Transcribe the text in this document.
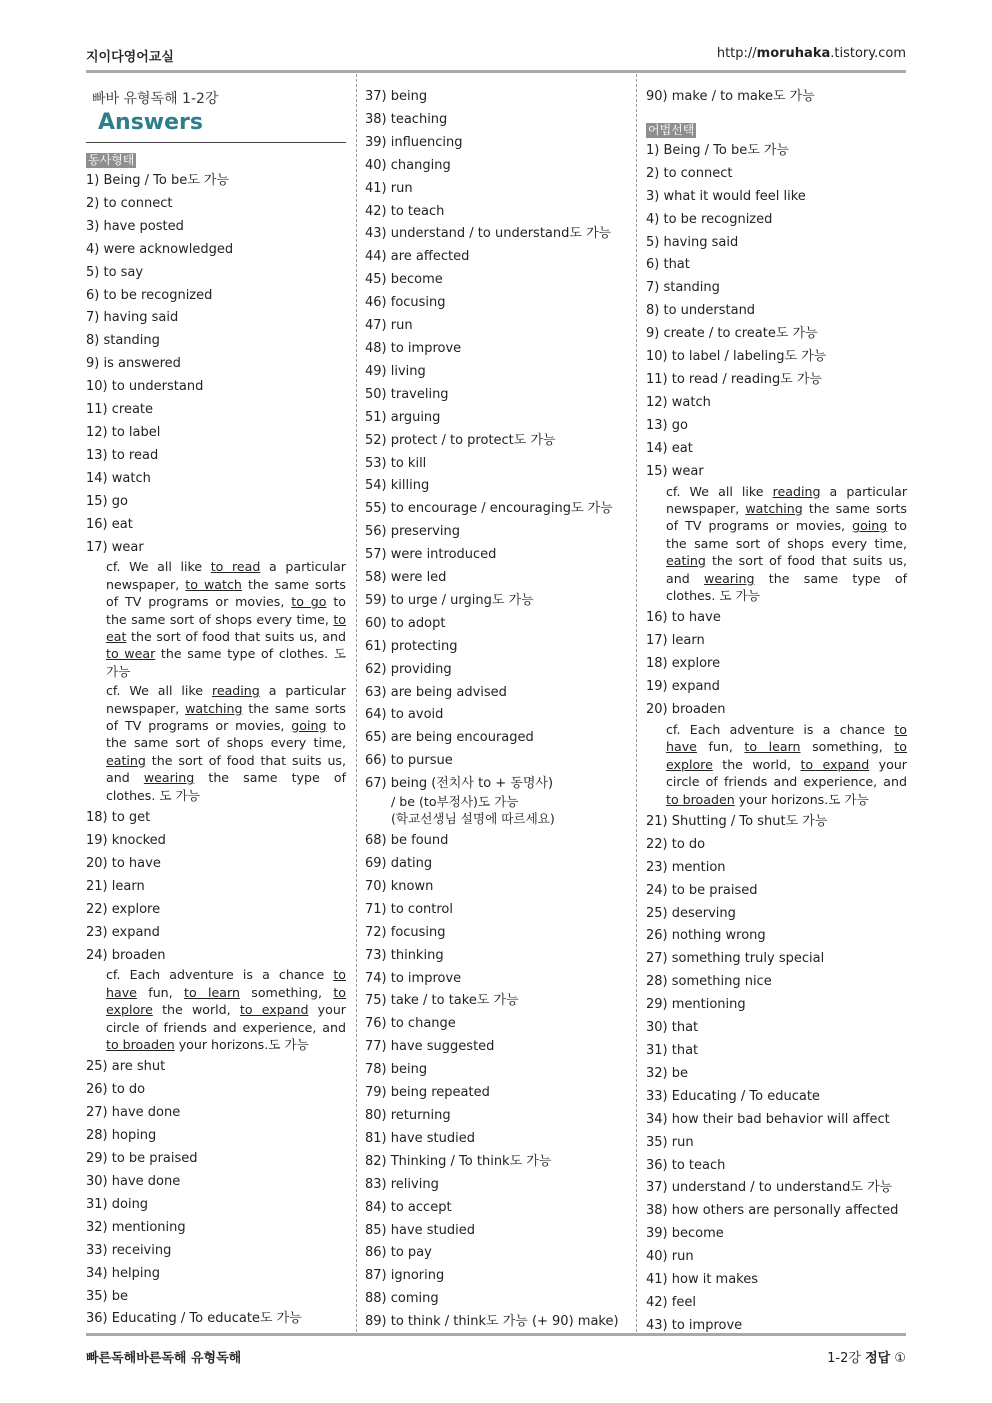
지이다영어교실	http://moruhaka.tistory.com
빠바 유형독해 1-2강
Answers
동사형태
1) Being / To be도 가능
2) to connect
3) have posted
4) were acknowledged
5) to say
6) to be recognized
7) having said
8) standing
9) is answered
10) to understand
11) create
12) to label
13) to read
14) watch
15) go
16) eat
17) wear
cf. We all like to read a particular newspaper, to watch the same sorts of TV programs or movies, to go to the same sort of shops every time, to eat the sort of food that suits us, and to wear the same type of clothes. 도 가능
cf. We all like reading a particular newspaper, watching the same sorts of TV programs or movies, going to the same sort of shops every time, eating the sort of food that suits us, and wearing the same type of clothes. 도 가능
18) to get
19) knocked
20) to have
21) learn
22) explore
23) expand
24) broaden
cf. Each adventure is a chance to have fun, to learn something, to explore the world, to expand your circle of friends and experience, and to broaden your horizons.도 가능
25) are shut
26) to do
27) have done
28) hoping
29) to be praised
30) have done
31) doing
32) mentioning
33) receiving
34) helping
35) be
36) Educating / To educate도 가능
37) being
38) teaching
39) influencing
40) changing
41) run
42) to teach
43) understand / to understand도 가능
44) are affected
45) become
46) focusing
47) run
48) to improve
49) living
50) traveling
51) arguing
52) protect / to protect도 가능
53) to kill
54) killing
55) to encourage / encouraging도 가능
56) preserving
57) were introduced
58) were led
59) to urge / urging도 가능
60) to adopt
61) protecting
62) providing
63) are being advised
64) to avoid
65) are being encouraged
66) to pursue
67) being (전치사 to + 동명사)
/ be (to부정사)도 가능
(학교선생님 설명에 따르세요)
68) be found
69) dating
70) known
71) to control
72) focusing
73) thinking
74) to improve
75) take / to take도 가능
76) to change
77) have suggested
78) being
79) being repeated
80) returning
81) have studied
82) Thinking / To think도 가능
83) reliving
84) to accept
85) have studied
86) to pay
87) ignoring
88) coming
89) to think / think도 가능 (+ 90) make)
90) make / to make도 가능
어법선택
1) Being / To be도 가능
2) to connect
3) what it would feel like
4) to be recognized
5) having said
6) that
7) standing
8) to understand
9) create / to create도 가능
10) to label / labeling도 가능
11) to read / reading도 가능
12) watch
13) go
14) eat
15) wear
cf. We all like reading a particular newspaper, watching the same sorts of TV programs or movies, going to the same sort of shops every time, eating the sort of food that suits us, and wearing the same type of clothes. 도 가능
16) to have
17) learn
18) explore
19) expand
20) broaden
cf. Each adventure is a chance to have fun, to learn something, to explore the world, to expand your circle of friends and experience, and to broaden your horizons.도 가능
21) Shutting / To shut도 가능
22) to do
23) mention
24) to be praised
25) deserving
26) nothing wrong
27) something truly special
28) something nice
29) mentioning
30) that
31) that
32) be
33) Educating / To educate
34) how their bad behavior will affect
35) run
36) to teach
37) understand / to understand도 가능
38) how others are personally affected
39) become
40) run
41) how it makes
42) feel
43) to improve
빠른독해바른독해 유형독해	1-2강 정답 ①
